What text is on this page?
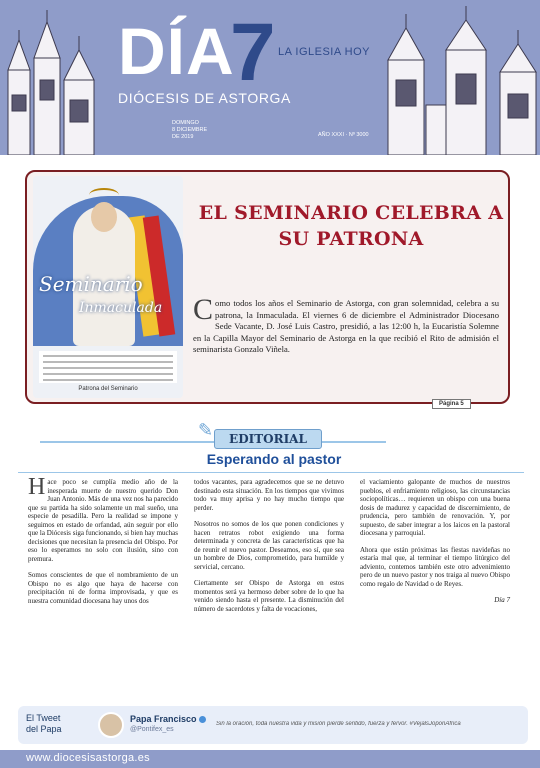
DÍA
7 LA IGLESIA HOY
DIÓCESIS DE ASTORGA
DOMINGO
8 DICIEMBRE
DE 2019	AÑO XXXI · Nº 3000
Seminario
Inmaculada
Patrona del Seminario
EL SEMINARIO CELEBRA A SU PATRONA

Como todos los años el Seminario de Astorga, con gran solemnidad, celebra a su patrona, la Inmaculada. El viernes 6 de diciembre el Administrador Diocesano Sede Vacante, D. José Luis Castro, presidió, a las 12:00 h, la Eucaristía Solemne en la Capilla Mayor del Seminario de Astorga en la que recibió el Rito de admisión el seminarista Gonzalo Viñela.

Página 5
✎	EDITORIAL
Esperando al pastor

Hace poco se cumplía medio año de la inesperada muerte de nuestro querido Don Juan Antonio. Más de una vez nos ha parecido que su partida ha sido solamente un mal sueño, una especie de pesadilla. Pero la realidad se impone y seguimos en estado de orfandad, aún seguir por ello que la Diócesis siga funcionando, si bien hay muchas decisiones que necesitan la presencia del Obispo. Por eso lo esperamos no solo con ilusión, sino con premura.

Somos conscientes de que el nombramiento de un Obispo no es algo que haya de hacerse con precipitación ni de forma improvisada, y que es nuestra comunidad diocesana hay unos dos

todos vacantes, para agradecemos que se ne detuvo destinado esta situación. En los tiempos que vivimos todo va muy aprisa y no hay mucho tiempo que perder.

Nosotros no somos de los que ponen condiciones y hacen retratos robot exigiendo una forma determinada y concreta de las características que ha de reunir el nuevo pastor. Deseamos, eso sí, que sea un hombre de Dios, comprometido, para humilde y servicial, cercano.

Ciertamente ser Obispo de Astorga en estos momentos será ya hermoso deber sobre de lo que ha venido siendo hasta el presente. La disminución del número de sacerdotes y falta de vocaciones,

el vaciamiento galopante de muchos de nuestros pueblos, el enfriamiento religioso, las circunstancias sociopolíticas… requieren un obispo con una buena dosis de madurez y capacidad de discernimiento, de prudencia, pero también de renovación. Y, por supuesto, de saber integrar a los laicos en la pastoral diocesana y parroquial.

Ahora que están próximas las fiestas navideñas no estaría mal que, al terminar el tiempo litúrgico del adviento, contemos también este otro advenimiento pero de un nuevo pastor y nos traiga al nuevo Obispo como regalo de Navidad o de Reyes.

Día 7

El Tweet del Papa
Papa Francisco
@Pontifex_es
Sin la oración, toda nuestra vida y misión pierde sentido, fuerza y fervor. #VejalsJoponAfrica
www.diocesisastorga.es
